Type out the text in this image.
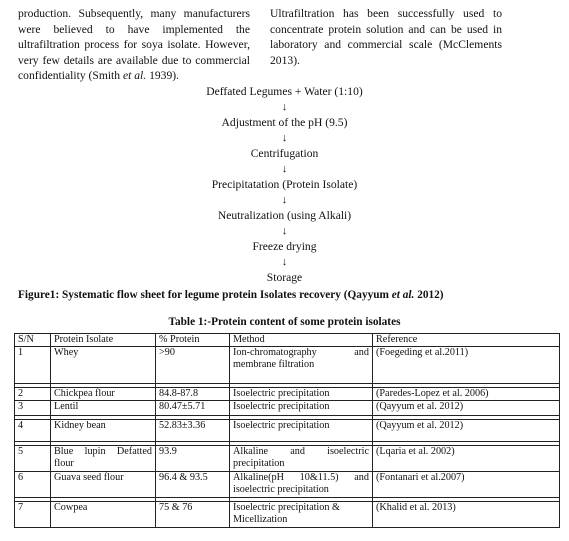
production. Subsequently, many manufacturers were believed to have implemented the ultrafiltration process for soya isolate. However, very few details are available due to commercial confidentiality (Smith et al. 1939).

Ultrafiltration has been successfully used to concentrate protein solution and can be used in laboratory and commercial scale (McClements 2013).

Deffated Legumes + Water (1:10)
↓
Adjustment of the pH (9.5)
↓
Centrifugation
↓
Precipitatation (Protein Isolate)
↓
Neutralization (using Alkali)
↓
Freeze drying
↓
Storage
Figure1: Systematic flow sheet for legume protein Isolates recovery (Qayyum et al. 2012)
Table 1:-Protein content of some protein isolates
S/N	Protein Isolate	% Protein	Method	Reference
1	Whey	>90	Ion-chromatography and membrane filtration	(Foegeding et al.2011)

2	Chickpea flour	84.8-87.8	Isoelectric precipitation	(Paredes-Lopez et al. 2006)
3	Lentil	80.47±5.71	Isoelectric precipitation	(Qayyum et al. 2012)

4	Kidney bean	52.83±3.36	Isoelectric precipitation	(Qayyum et al. 2012)

5	Blue lupin Defatted flour	93.9	Alkaline and isoelectric precipitation	(Lqaria et al. 2002)
6	Guava seed flour	96.4 & 93.5	Alkaline(pH 10&11.5) and isoelectric precipitation	(Fontanari et al.2007)

7	Cowpea	75 & 76	Isoelectric precipitation & Micellization	(Khalid et al. 2013)
